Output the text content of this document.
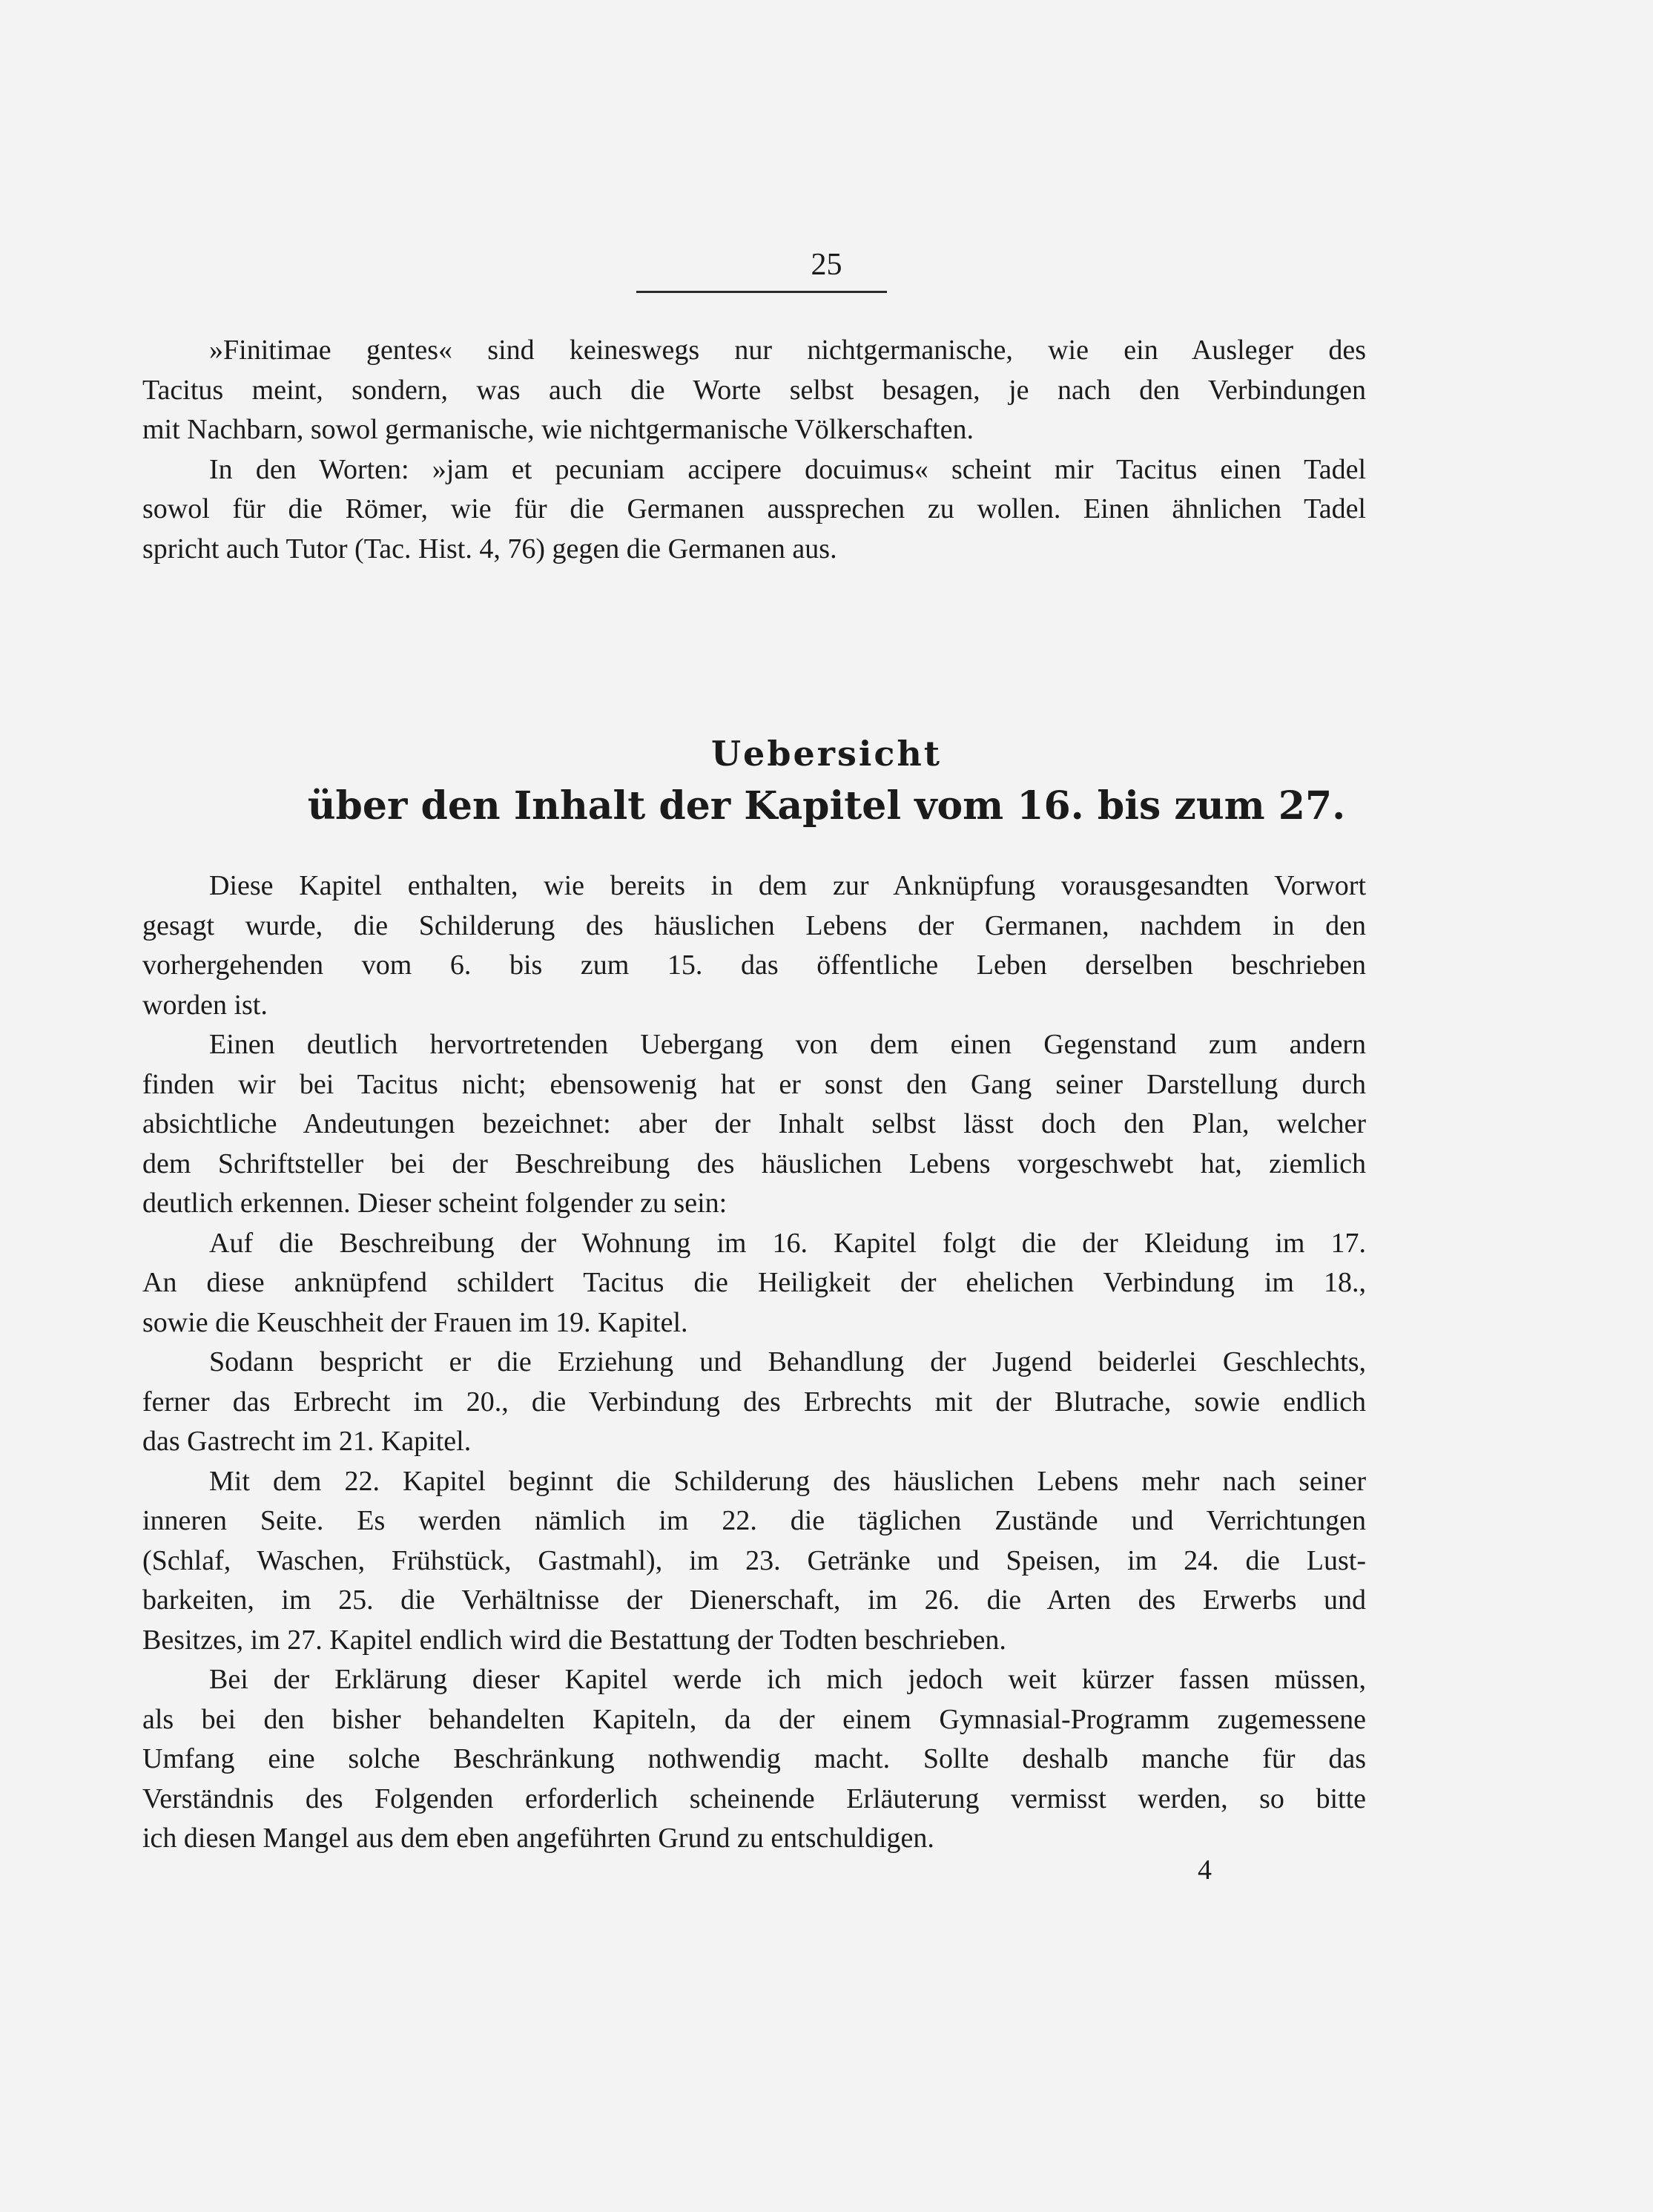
25
»Finitimae gentes« sind keineswegs nur nichtgermanische, wie ein Ausleger des
Tacitus meint, sondern, was auch die Worte selbst besagen, je nach den Verbindungen
mit Nachbarn, sowol germanische, wie nichtgermanische Völkerschaften.
In den Worten: »jam et pecuniam accipere docuimus« scheint mir Tacitus einen Tadel
sowol für die Römer, wie für die Germanen aussprechen zu wollen. Einen ähnlichen Tadel
spricht auch Tutor (Tac. Hist. 4, 76) gegen die Germanen aus.
Uebersicht
über den Inhalt der Kapitel vom 16. bis zum 27.
Diese Kapitel enthalten, wie bereits in dem zur Anknüpfung vorausgesandten Vorwort
gesagt wurde, die Schilderung des häuslichen Lebens der Germanen, nachdem in den
vorhergehenden vom 6. bis zum 15. das öffentliche Leben derselben beschrieben
worden ist.
Einen deutlich hervortretenden Uebergang von dem einen Gegenstand zum andern
finden wir bei Tacitus nicht; ebensowenig hat er sonst den Gang seiner Darstellung durch
absichtliche Andeutungen bezeichnet: aber der Inhalt selbst lässt doch den Plan, welcher
dem Schriftsteller bei der Beschreibung des häuslichen Lebens vorgeschwebt hat, ziemlich
deutlich erkennen. Dieser scheint folgender zu sein:
Auf die Beschreibung der Wohnung im 16. Kapitel folgt die der Kleidung im 17.
An diese anknüpfend schildert Tacitus die Heiligkeit der ehelichen Verbindung im 18.,
sowie die Keuschheit der Frauen im 19. Kapitel.
Sodann bespricht er die Erziehung und Behandlung der Jugend beiderlei Geschlechts,
ferner das Erbrecht im 20., die Verbindung des Erbrechts mit der Blutrache, sowie endlich
das Gastrecht im 21. Kapitel.
Mit dem 22. Kapitel beginnt die Schilderung des häuslichen Lebens mehr nach seiner
inneren Seite. Es werden nämlich im 22. die täglichen Zustände und Verrichtungen
(Schlaf, Waschen, Frühstück, Gastmahl), im 23. Getränke und Speisen, im 24. die Lust-
barkeiten, im 25. die Verhältnisse der Dienerschaft, im 26. die Arten des Erwerbs und
Besitzes, im 27. Kapitel endlich wird die Bestattung der Todten beschrieben.
Bei der Erklärung dieser Kapitel werde ich mich jedoch weit kürzer fassen müssen,
als bei den bisher behandelten Kapiteln, da der einem Gymnasial-Programm zugemessene
Umfang eine solche Beschränkung nothwendig macht. Sollte deshalb manche für das
Verständnis des Folgenden erforderlich scheinende Erläuterung vermisst werden, so bitte
ich diesen Mangel aus dem eben angeführten Grund zu entschuldigen.
4
